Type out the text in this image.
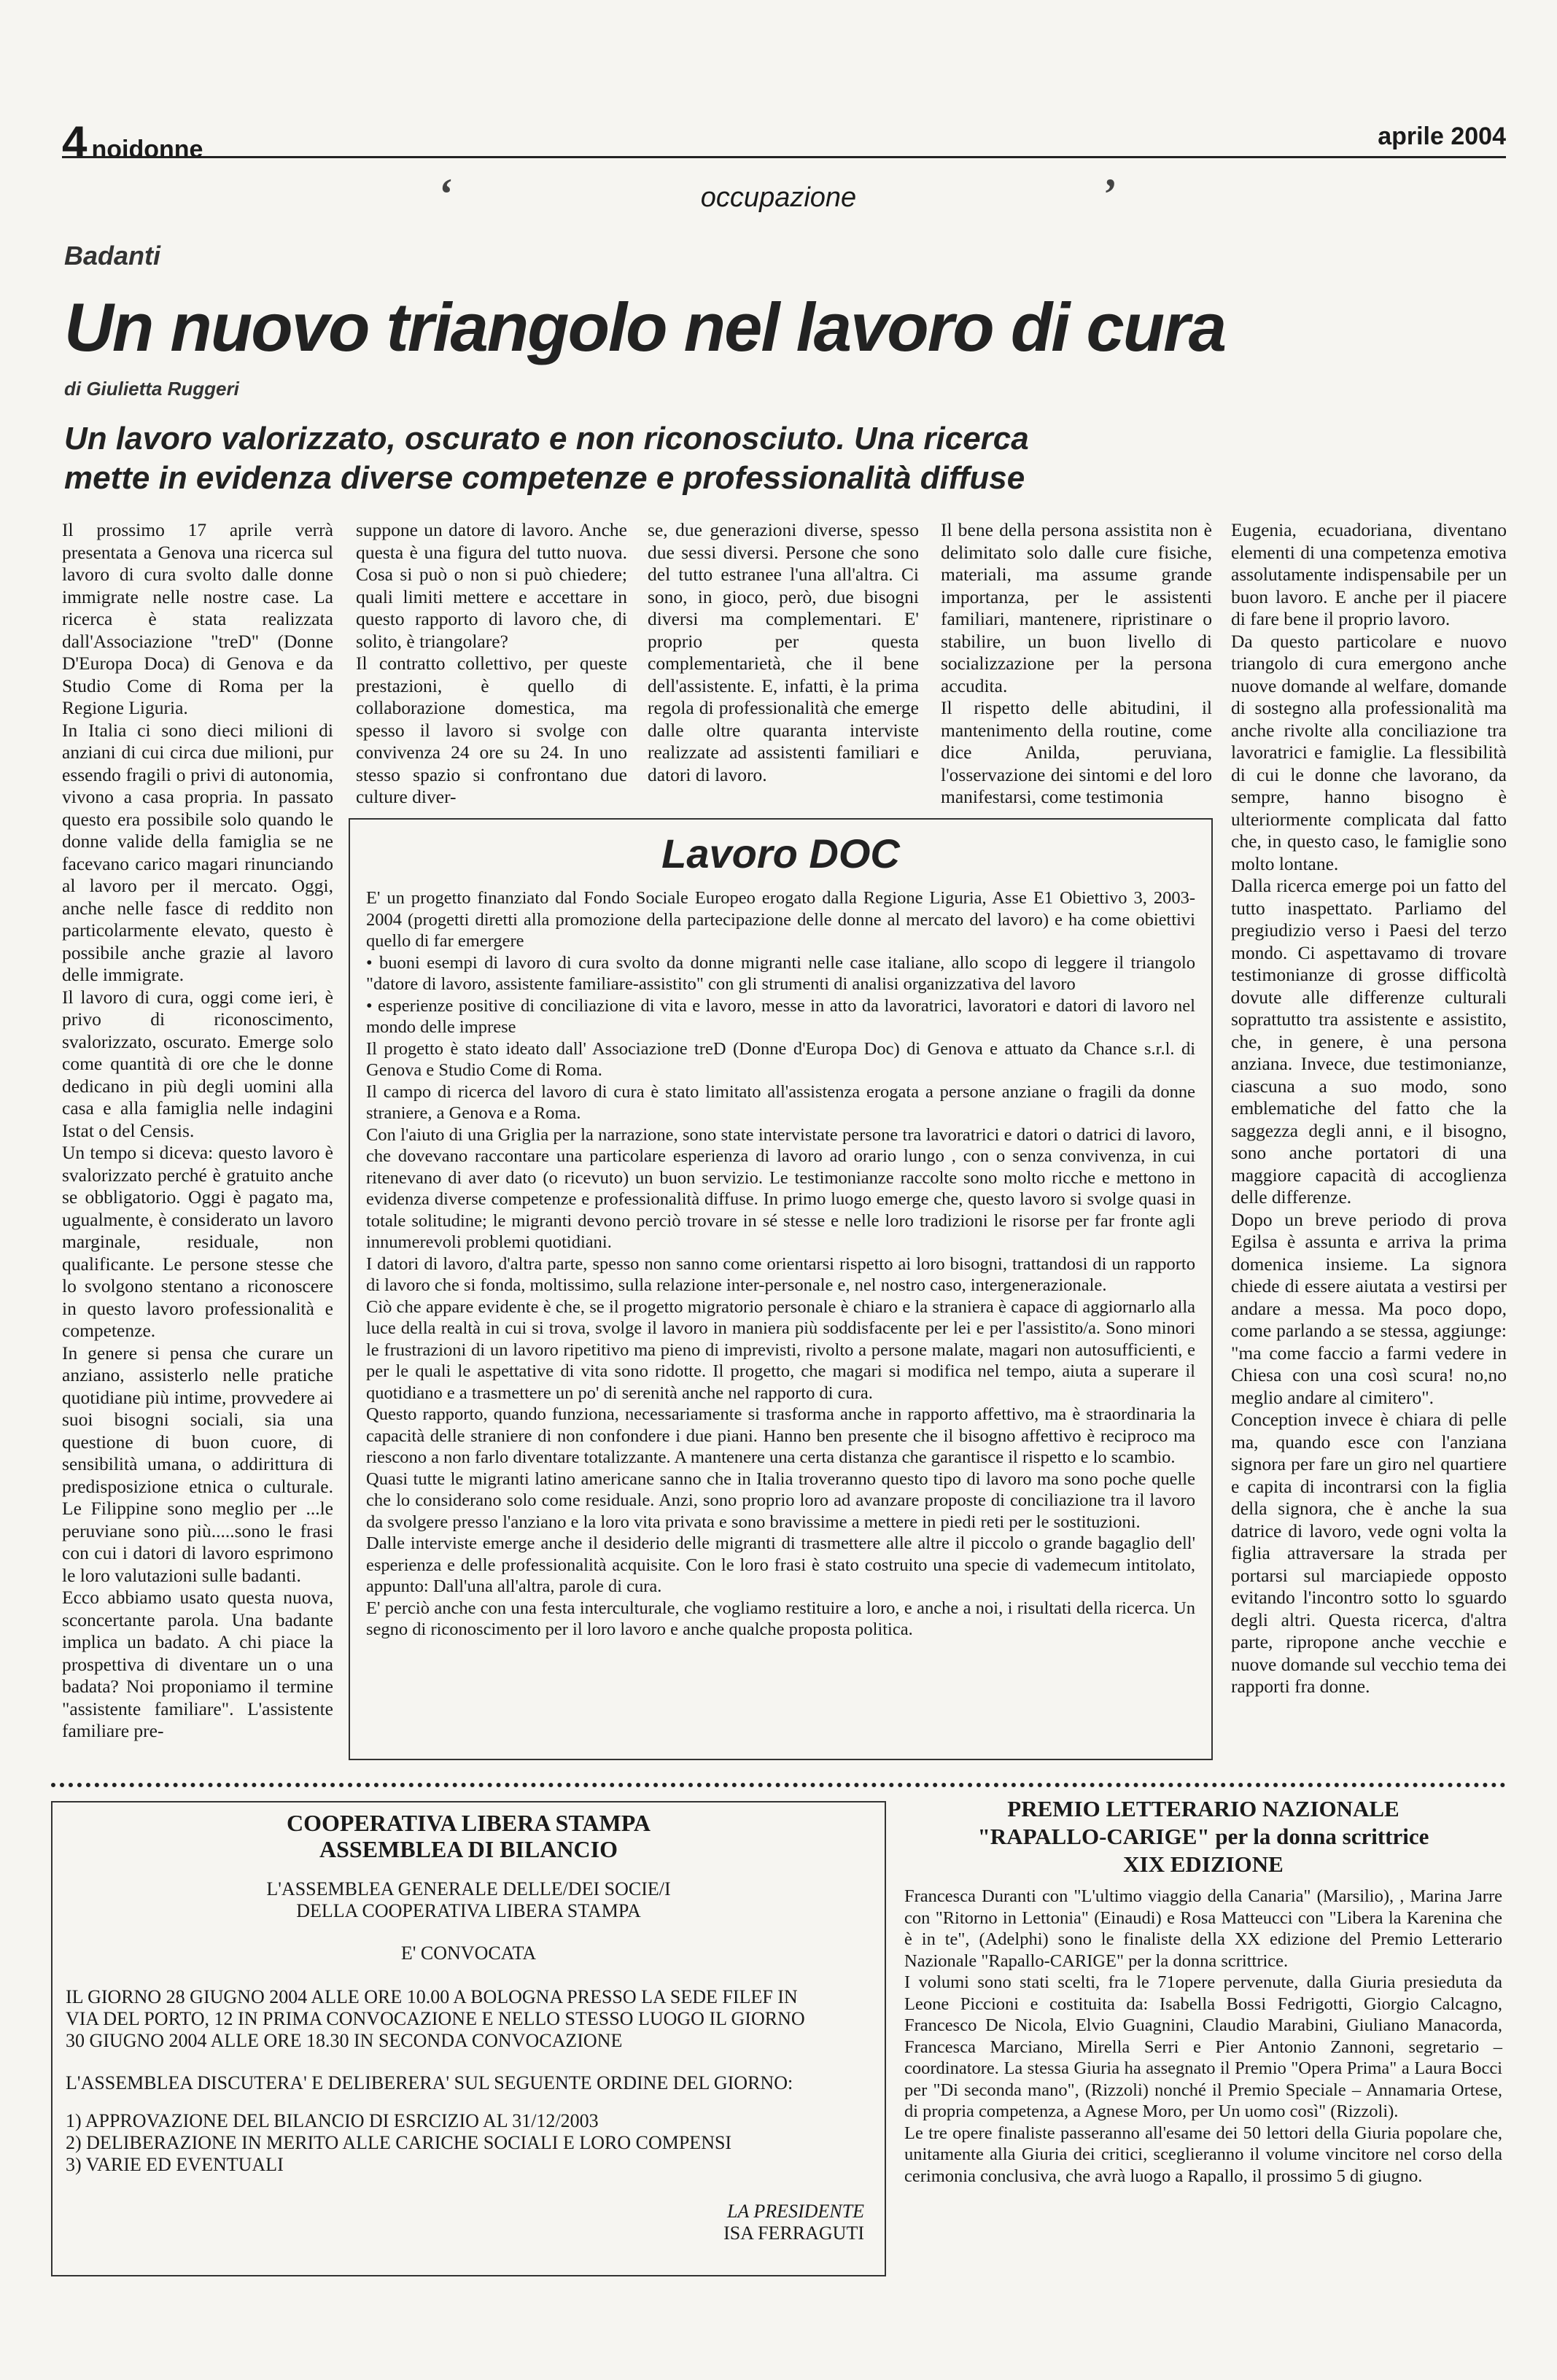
4 noidonne	aprile 2004
‘	occupazione	’
Badanti
Un nuovo triangolo nel lavoro di cura
di Giulietta Ruggeri
Un lavoro valorizzato, oscurato e non riconosciuto. Una ricerca mette in evidenza diverse competenze e professionalità diffuse

Il prossimo 17 aprile verrà presentata a Genova una ricerca sul lavoro di cura svolto dalle donne immigrate nelle nostre case. La ricerca è stata realizzata dall'Associazione "treD" (Donne D'Europa Doca) di Genova e da Studio Come di Roma per la Regione Liguria.

In Italia ci sono dieci milioni di anziani di cui circa due milioni, pur essendo fragili o privi di autonomia, vivono a casa propria. In passato questo era possibile solo quando le donne valide della famiglia se ne facevano carico magari rinunciando al lavoro per il mercato. Oggi, anche nelle fasce di reddito non particolarmente elevato, questo è possibile anche grazie al lavoro delle immigrate.

Il lavoro di cura, oggi come ieri, è privo di riconoscimento, svalorizzato, oscurato. Emerge solo come quantità di ore che le donne dedicano in più degli uomini alla casa e alla famiglia nelle indagini Istat o del Censis.

Un tempo si diceva: questo lavoro è svalorizzato perché è gratuito anche se obbligatorio. Oggi è pagato ma, ugualmente, è considerato un lavoro marginale, residuale, non qualificante. Le persone stesse che lo svolgono stentano a riconoscere in questo lavoro professionalità e competenze.

In genere si pensa che curare un anziano, assisterlo nelle pratiche quotidiane più intime, provvedere ai suoi bisogni sociali, sia una questione di buon cuore, di sensibilità umana, o addirittura di predisposizione etnica o culturale. Le Filippine sono meglio per ...le peruviane sono più.....sono le frasi con cui i datori di lavoro esprimono le loro valutazioni sulle badanti.

Ecco abbiamo usato questa nuova, sconcertante parola. Una badante implica un badato. A chi piace la prospettiva di diventare un o una badata? Noi proponiamo il termine "assistente familiare". L'assistente familiare pre-

suppone un datore di lavoro. Anche questa è una figura del tutto nuova. Cosa si può o non si può chiedere; quali limiti mettere e accettare in questo rapporto di lavoro che, di solito, è triangolare?

Il contratto collettivo, per queste prestazioni, è quello di collaborazione domestica, ma spesso il lavoro si svolge con convivenza 24 ore su 24. In uno stesso spazio si confrontano due culture diver-

se, due generazioni diverse, spesso due sessi diversi. Persone che sono del tutto estranee l'una all'altra. Ci sono, in gioco, però, due bisogni diversi ma complementari. E' proprio per questa complementarietà, che il bene dell'assistente. E, infatti, è la prima regola di professionalità che emerge dalle oltre quaranta interviste realizzate ad assistenti familiari e datori di lavoro.

Il bene della persona assistita non è delimitato solo dalle cure fisiche, materiali, ma assume grande importanza, per le assistenti familiari, mantenere, ripristinare o stabilire, un buon livello di socializzazione per la persona accudita.

Il rispetto delle abitudini, il mantenimento della routine, come dice Anilda, peruviana, l'osservazione dei sintomi e del loro manifestarsi, come testimonia

Eugenia, ecuadoriana, diventano elementi di una competenza emotiva assolutamente indispensabile per un buon lavoro. E anche per il piacere di fare bene il proprio lavoro.

Da questo particolare e nuovo triangolo di cura emergono anche nuove domande al welfare, domande di sostegno alla professionalità ma anche rivolte alla conciliazione tra lavoratrici e famiglie. La flessibilità di cui le donne che lavorano, da sempre, hanno bisogno è ulteriormente complicata dal fatto che, in questo caso, le famiglie sono molto lontane.

Dalla ricerca emerge poi un fatto del tutto inaspettato. Parliamo del pregiudizio verso i Paesi del terzo mondo. Ci aspettavamo di trovare testimonianze di grosse difficoltà dovute alle differenze culturali soprattutto tra assistente e assistito, che, in genere, è una persona anziana. Invece, due testimonianze, ciascuna a suo modo, sono emblematiche del fatto che la saggezza degli anni, e il bisogno, sono anche portatori di una maggiore capacità di accoglienza delle differenze.

Dopo un breve periodo di prova Egilsa è assunta e arriva la prima domenica insieme. La signora chiede di essere aiutata a vestirsi per andare a messa. Ma poco dopo, come parlando a se stessa, aggiunge: "ma come faccio a farmi vedere in Chiesa con una così scura! no,no meglio andare al cimitero".

Conception invece è chiara di pelle ma, quando esce con l'anziana signora per fare un giro nel quartiere e capita di incontrarsi con la figlia della signora, che è anche la sua datrice di lavoro, vede ogni volta la figlia attraversare la strada per portarsi sul marciapiede opposto evitando l'incontro sotto lo sguardo degli altri. Questa ricerca, d'altra parte, ripropone anche vecchie e nuove domande sul vecchio tema dei rapporti fra donne.

Lavoro DOC

E' un progetto finanziato dal Fondo Sociale Europeo erogato dalla Regione Liguria, Asse E1 Obiettivo 3, 2003-2004 (progetti diretti alla promozione della partecipazione delle donne al mercato del lavoro) e ha come obiettivi quello di far emergere

• buoni esempi di lavoro di cura svolto da donne migranti nelle case italiane, allo scopo di leggere il triangolo "datore di lavoro, assistente familiare-assistito" con gli strumenti di analisi organizzativa del lavoro

• esperienze positive di conciliazione di vita e lavoro, messe in atto da lavoratrici, lavoratori e datori di lavoro nel mondo delle imprese

Il progetto è stato ideato dall' Associazione treD (Donne d'Europa Doc) di Genova e attuato da Chance s.r.l. di Genova e Studio Come di Roma.

Il campo di ricerca del lavoro di cura è stato limitato all'assistenza erogata a persone anziane o fragili da donne straniere, a Genova e a Roma.

Con l'aiuto di una Griglia per la narrazione, sono state intervistate persone tra lavoratrici e datori o datrici di lavoro, che dovevano raccontare una particolare esperienza di lavoro ad orario lungo , con o senza convivenza, in cui ritenevano di aver dato (o ricevuto) un buon servizio. Le testimonianze raccolte sono molto ricche e mettono in evidenza diverse competenze e professionalità diffuse. In primo luogo emerge che, questo lavoro si svolge quasi in totale solitudine; le migranti devono perciò trovare in sé stesse e nelle loro tradizioni le risorse per far fronte agli innumerevoli problemi quotidiani.

I datori di lavoro, d'altra parte, spesso non sanno come orientarsi rispetto ai loro bisogni, trattandosi di un rapporto di lavoro che si fonda, moltissimo, sulla relazione inter-personale e, nel nostro caso, intergenerazionale.

Ciò che appare evidente è che, se il progetto migratorio personale è chiaro e la straniera è capace di aggiornarlo alla luce della realtà in cui si trova, svolge il lavoro in maniera più soddisfacente per lei e per l'assistito/a. Sono minori le frustrazioni di un lavoro ripetitivo ma pieno di imprevisti, rivolto a persone malate, magari non autosufficienti, e per le quali le aspettative di vita sono ridotte. Il progetto, che magari si modifica nel tempo, aiuta a superare il quotidiano e a trasmettere un po' di serenità anche nel rapporto di cura.

Questo rapporto, quando funziona, necessariamente si trasforma anche in rapporto affettivo, ma è straordinaria la capacità delle straniere di non confondere i due piani. Hanno ben presente che il bisogno affettivo è reciproco ma riescono a non farlo diventare totalizzante. A mantenere una certa distanza che garantisce il rispetto e lo scambio.

Quasi tutte le migranti latino americane sanno che in Italia troveranno questo tipo di lavoro ma sono poche quelle che lo considerano solo come residuale. Anzi, sono proprio loro ad avanzare proposte di conciliazione tra il lavoro da svolgere presso l'anziano e la loro vita privata e sono bravissime a mettere in piedi reti per le sostituzioni.

Dalle interviste emerge anche il desiderio delle migranti di trasmettere alle altre il piccolo o grande bagaglio dell' esperienza e delle professionalità acquisite. Con le loro frasi è stato costruito una specie di vademecum intitolato, appunto: Dall'una all'altra, parole di cura.

E' perciò anche con una festa interculturale, che vogliamo restituire a loro, e anche a noi, i risultati della ricerca. Un segno di riconoscimento per il loro lavoro e anche qualche proposta politica.

COOPERATIVA LIBERA STAMPA
ASSEMBLEA DI BILANCIO
L'ASSEMBLEA GENERALE DELLE/DEI SOCIE/I
DELLA COOPERATIVA LIBERA STAMPA
E' CONVOCATA
IL GIORNO 28 GIUGNO 2004 ALLE ORE 10.00 A BOLOGNA PRESSO LA SEDE FILEF IN
VIA DEL PORTO, 12 IN PRIMA CONVOCAZIONE E NELLO STESSO LUOGO IL GIORNO
30 GIUGNO 2004 ALLE ORE 18.30 IN SECONDA CONVOCAZIONE
L'ASSEMBLEA DISCUTERA' E DELIBERERA' SUL SEGUENTE ORDINE DEL GIORNO:
1) APPROVAZIONE DEL BILANCIO DI ESRCIZIO AL 31/12/2003
2) DELIBERAZIONE IN MERITO ALLE CARICHE SOCIALI E LORO COMPENSI
3) VARIE ED EVENTUALI
LA PRESIDENTE
ISA FERRAGUTI
PREMIO LETTERARIO NAZIONALE
"RAPALLO-CARIGE" per la donna scrittrice
XIX EDIZIONE

Francesca Duranti con "L'ultimo viaggio della Canaria" (Marsilio), , Marina Jarre con "Ritorno in Lettonia" (Einaudi) e Rosa Matteucci con "Libera la Karenina che è in te", (Adelphi) sono le finaliste della XX edizione del Premio Letterario Nazionale "Rapallo-CARIGE" per la donna scrittrice.

I volumi sono stati scelti, fra le 71opere pervenute, dalla Giuria presieduta da Leone Piccioni e costituita da: Isabella Bossi Fedrigotti, Giorgio Calcagno, Francesco De Nicola, Elvio Guagnini, Claudio Marabini, Giuliano Manacorda, Francesca Marciano, Mirella Serri e Pier Antonio Zannoni, segretario – coordinatore. La stessa Giuria ha assegnato il Premio "Opera Prima" a Laura Bocci per "Di seconda mano", (Rizzoli) nonché il Premio Speciale – Annamaria Ortese, di propria competenza, a Agnese Moro, per Un uomo così" (Rizzoli).

Le tre opere finaliste passeranno all'esame dei 50 lettori della Giuria popolare che, unitamente alla Giuria dei critici, sceglieranno il volume vincitore nel corso della cerimonia conclusiva, che avrà luogo a Rapallo, il prossimo 5 di giugno.
